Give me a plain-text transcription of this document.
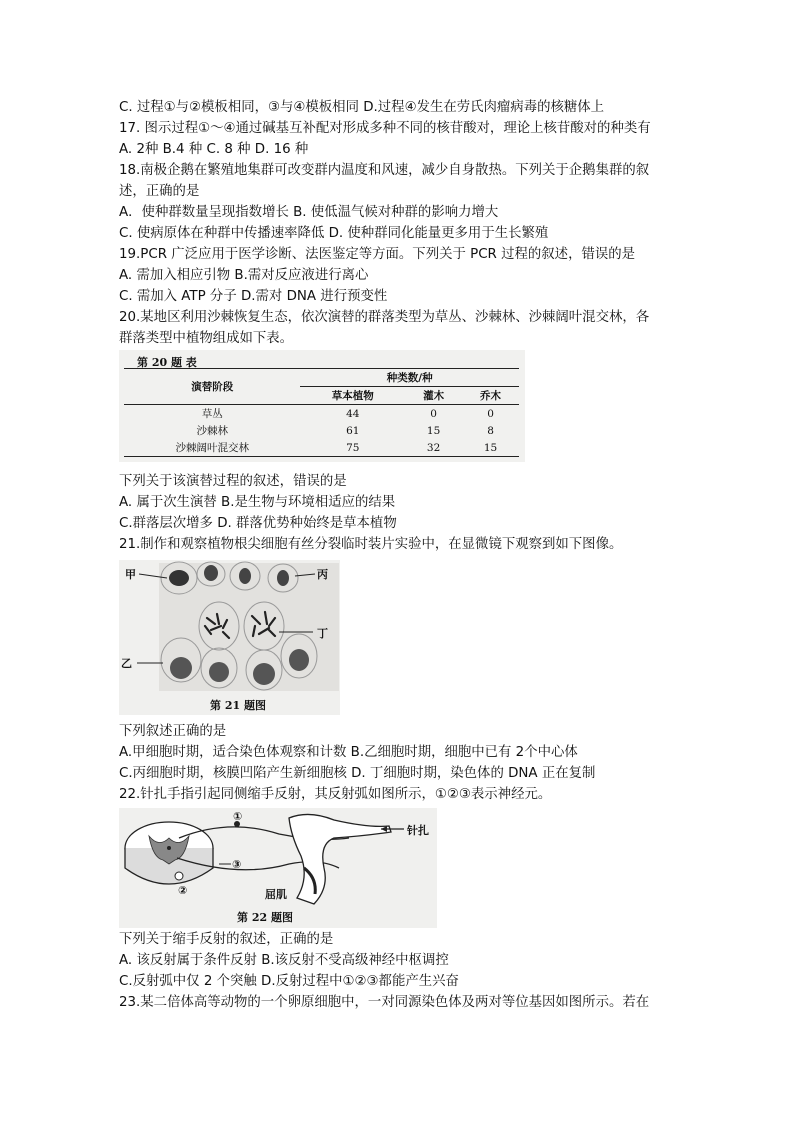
C. 过程①与②模板相同，③与④模板相同 D.过程④发生在劳氏肉瘤病毒的核糖体上
17. 图示过程①～④通过碱基互补配对形成多种不同的核苷酸对，理论上核苷酸对的种类有
A. 2种 B.4 种 C. 8 种 D. 16 种
18.南极企鹅在繁殖地集群可改变群内温度和风速，减少自身散热。下列关于企鹅集群的叙
述，正确的是
A．使种群数量呈现指数增长 B. 使低温气候对种群的影响力增大
C. 使病原体在种群中传播速率降低 D. 使种群同化能量更多用于生长繁殖
19.PCR 广泛应用于医学诊断、法医鉴定等方面。下列关于 PCR 过程的叙述，错误的是
A. 需加入相应引物 B.需对反应液进行离心
C. 需加入 ATP 分子 D.需对 DNA 进行预变性
20.某地区利用沙棘恢复生态，依次演替的群落类型为草丛、沙棘林、沙棘阔叶混交林，各
群落类型中植物组成如下表。
第 20 题 表
演替阶段	种类数/种		
	草本植物	灌木	乔木
草丛	44	0	0
沙棘林	61	15	8
沙棘阔叶混交林	75	32	15
下列关于该演替过程的叙述，错误的是
A. 属于次生演替 B.是生物与环境相适应的结果
C.群落层次增多 D. 群落优势种始终是草本植物
21.制作和观察植物根尖细胞有丝分裂临时装片实验中，在显微镜下观察到如下图像。
甲	丙
丁
乙
第 21 题图
下列叙述正确的是
A.甲细胞时期，适合染色体观察和计数 B.乙细胞时期，细胞中已有 2个中心体
C.丙细胞时期，核膜凹陷产生新细胞核 D. 丁细胞时期，染色体的 DNA 正在复制
22.针扎手指引起同侧缩手反射，其反射弧如图所示，①②③表示神经元。
①
③
②
针扎
屈肌
第 22 题图
下列关于缩手反射的叙述，正确的是
A. 该反射属于条件反射 B.该反射不受高级神经中枢调控
C.反射弧中仅 2 个突触 D.反射过程中①②③都能产生兴奋
23.某二倍体高等动物的一个卵原细胞中，一对同源染色体及两对等位基因如图所示。若在
